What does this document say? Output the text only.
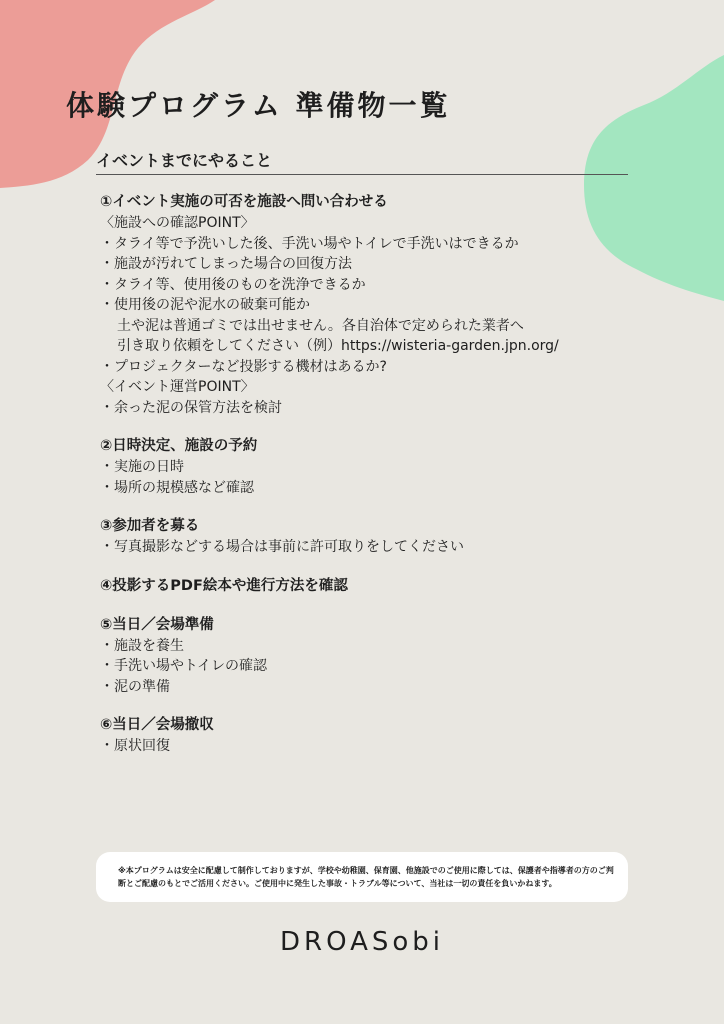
体験プログラム 準備物一覧
イベントまでにやること
①イベント実施の可否を施設へ問い合わせる
〈施設への確認POINT〉
・タライ等で予洗いした後、手洗い場やトイレで手洗いはできるか
・施設が汚れてしまった場合の回復方法
・タライ等、使用後のものを洗浄できるか
・使用後の泥や泥水の破棄可能か
土や泥は普通ゴミでは出せません。各自治体で定められた業者へ
引き取り依頼をしてください（例）https://wisteria-garden.jpn.org/
・プロジェクターなど投影する機材はあるか?
〈イベント運営POINT〉
・余った泥の保管方法を検討
②日時決定、施設の予約
・実施の日時
・場所の規模感など確認
③参加者を募る
・写真撮影などする場合は事前に許可取りをしてください
④投影するPDF絵本や進行方法を確認
⑤当日／会場準備
・施設を養生
・手洗い場やトイレの確認
・泥の準備
⑥当日／会場撤収
・原状回復
※本プログラムは安全に配慮して制作しておりますが、学校や幼稚園、保育園、他施設でのご使用に際しては、保護者や指導者の方のご判断とご配慮のもとでご活用ください。ご使用中に発生した事故・トラブル等について、当社は一切の責任を負いかねます。
DROASobi
